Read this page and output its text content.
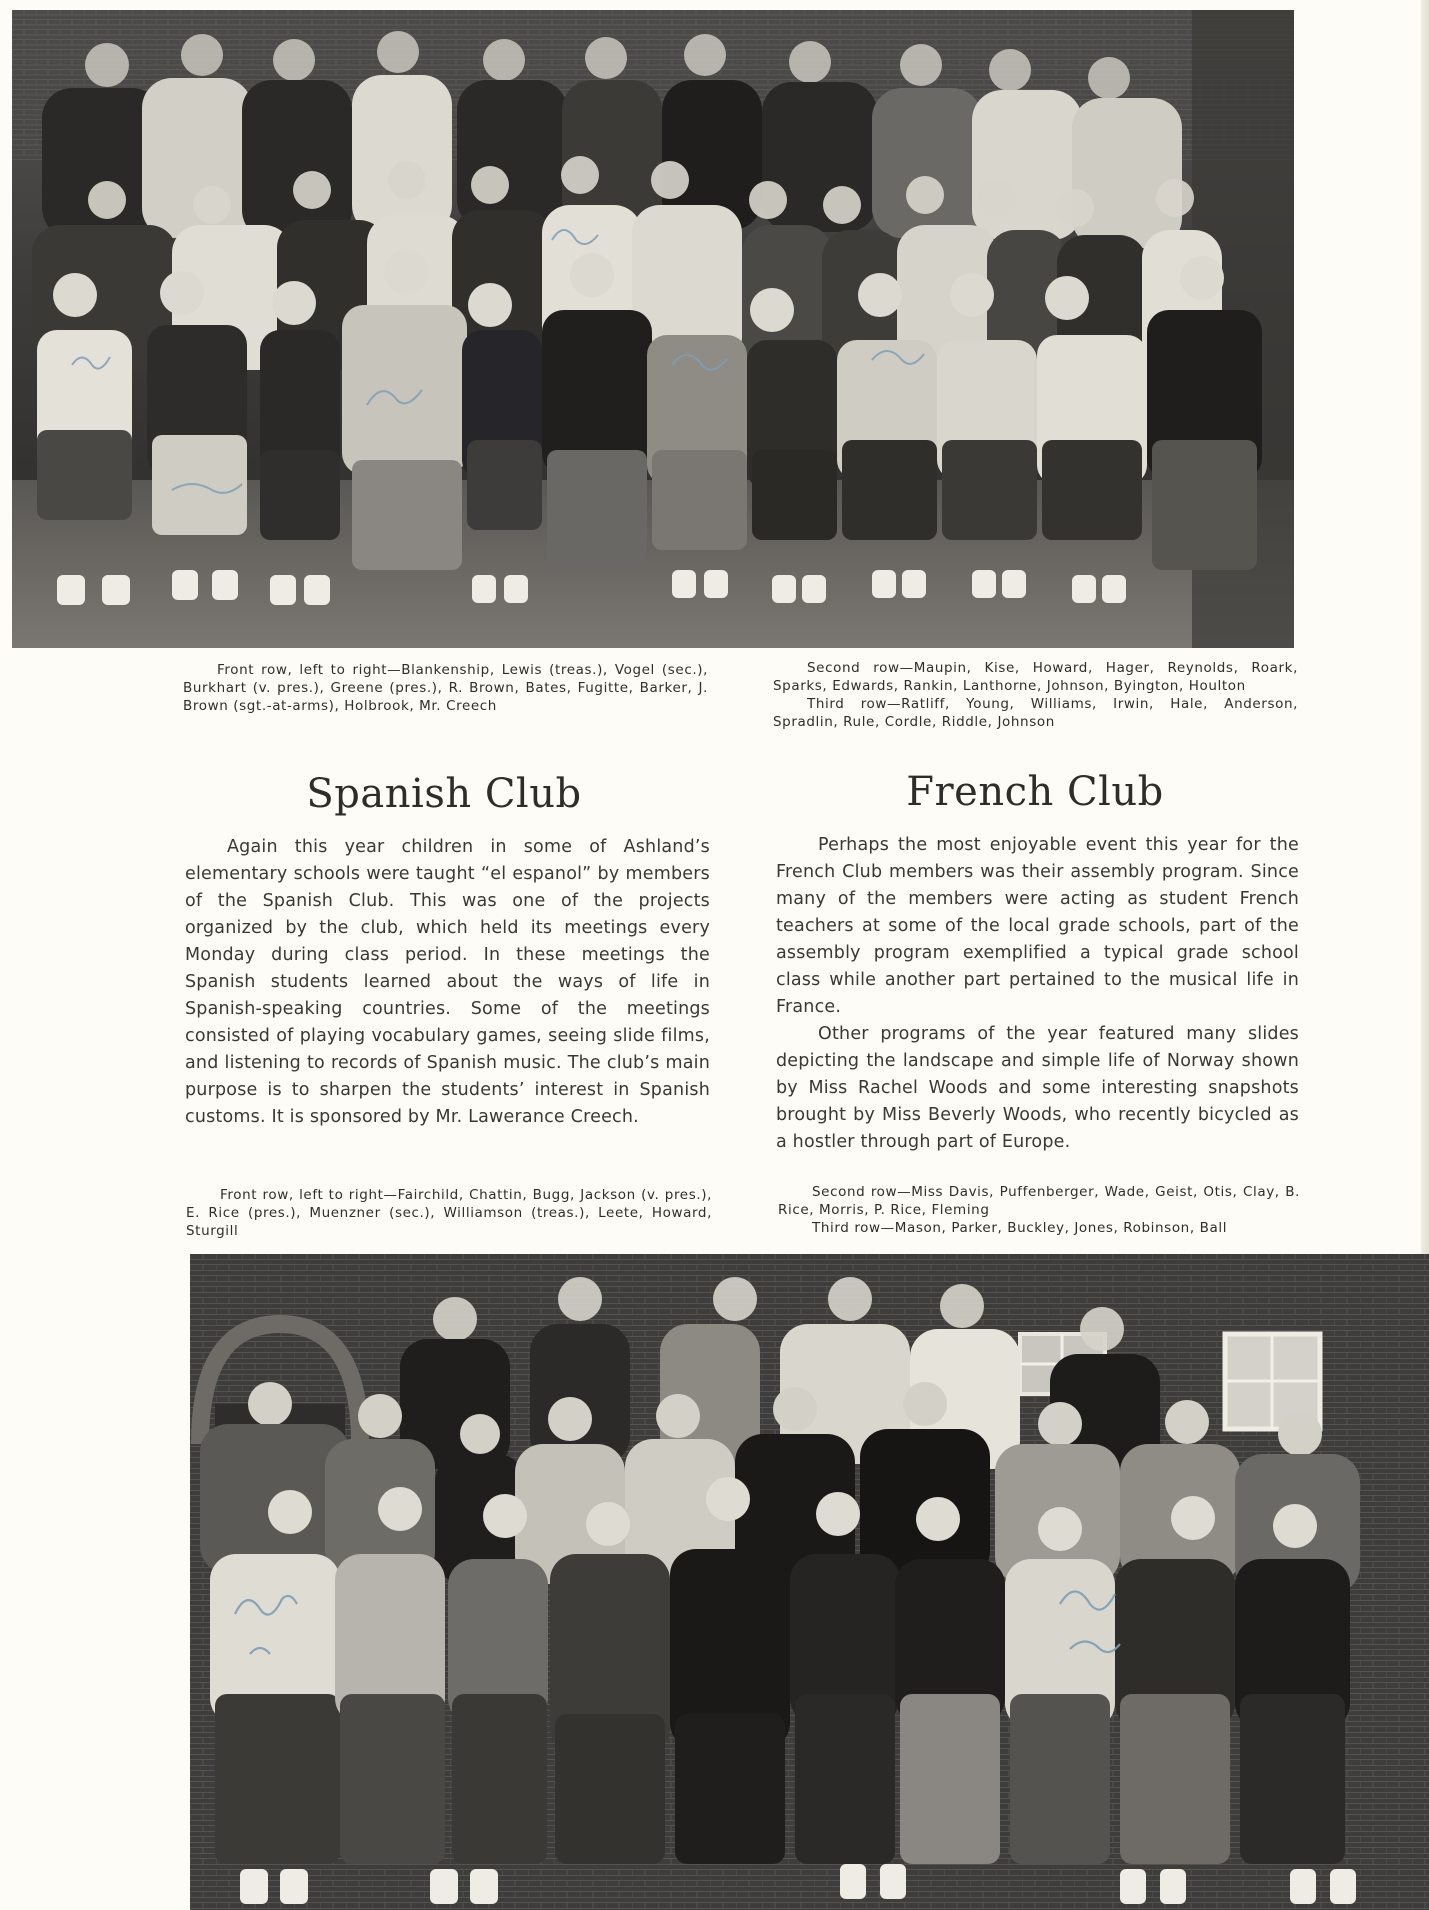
Front row, left to right—Blankenship, Lewis (treas.), Vogel (sec.), Burkhart (v. pres.), Greene (pres.), R. Brown, Bates, Fugitte, Barker, J. Brown (sgt.-at-arms), Holbrook, Mr. Creech

Second row—Maupin, Kise, Howard, Hager, Reynolds, Roark, Sparks, Edwards, Rankin, Lanthorne, Johnson, Byington, Houlton

Third row—Ratliff, Young, Williams, Irwin, Hale, Anderson, Spradlin, Rule, Cordle, Riddle, Johnson

Spanish Club

Again this year children in some of Ashland’s elementary schools were taught “el espanol” by members of the Spanish Club. This was one of the projects organized by the club, which held its meetings every Monday during class period. In these meetings the Spanish students learned about the ways of life in Spanish-speaking countries. Some of the meetings consisted of playing vocabulary games, seeing slide films, and listening to records of Spanish music. The club’s main purpose is to sharpen the students’ interest in Spanish customs. It is sponsored by Mr. Lawerance Creech.

French Club

Perhaps the most enjoyable event this year for the French Club members was their assembly program. Since many of the members were acting as student French teachers at some of the local grade schools, part of the assembly program exemplified a typical grade school class while another part pertained to the musical life in France.

Other programs of the year featured many slides depicting the landscape and simple life of Norway shown by Miss Rachel Woods and some interesting snapshots brought by Miss Beverly Woods, who recently bicycled as a hostler through part of Europe.

Front row, left to right—Fairchild, Chattin, Bugg, Jackson (v. pres.), E. Rice (pres.), Muenzner (sec.), Williamson (treas.), Leete, Howard, Sturgill

Second row—Miss Davis, Puffenberger, Wade, Geist, Otis, Clay, B. Rice, Morris, P. Rice, Fleming

Third row—Mason, Parker, Buckley, Jones, Robinson, Ball
